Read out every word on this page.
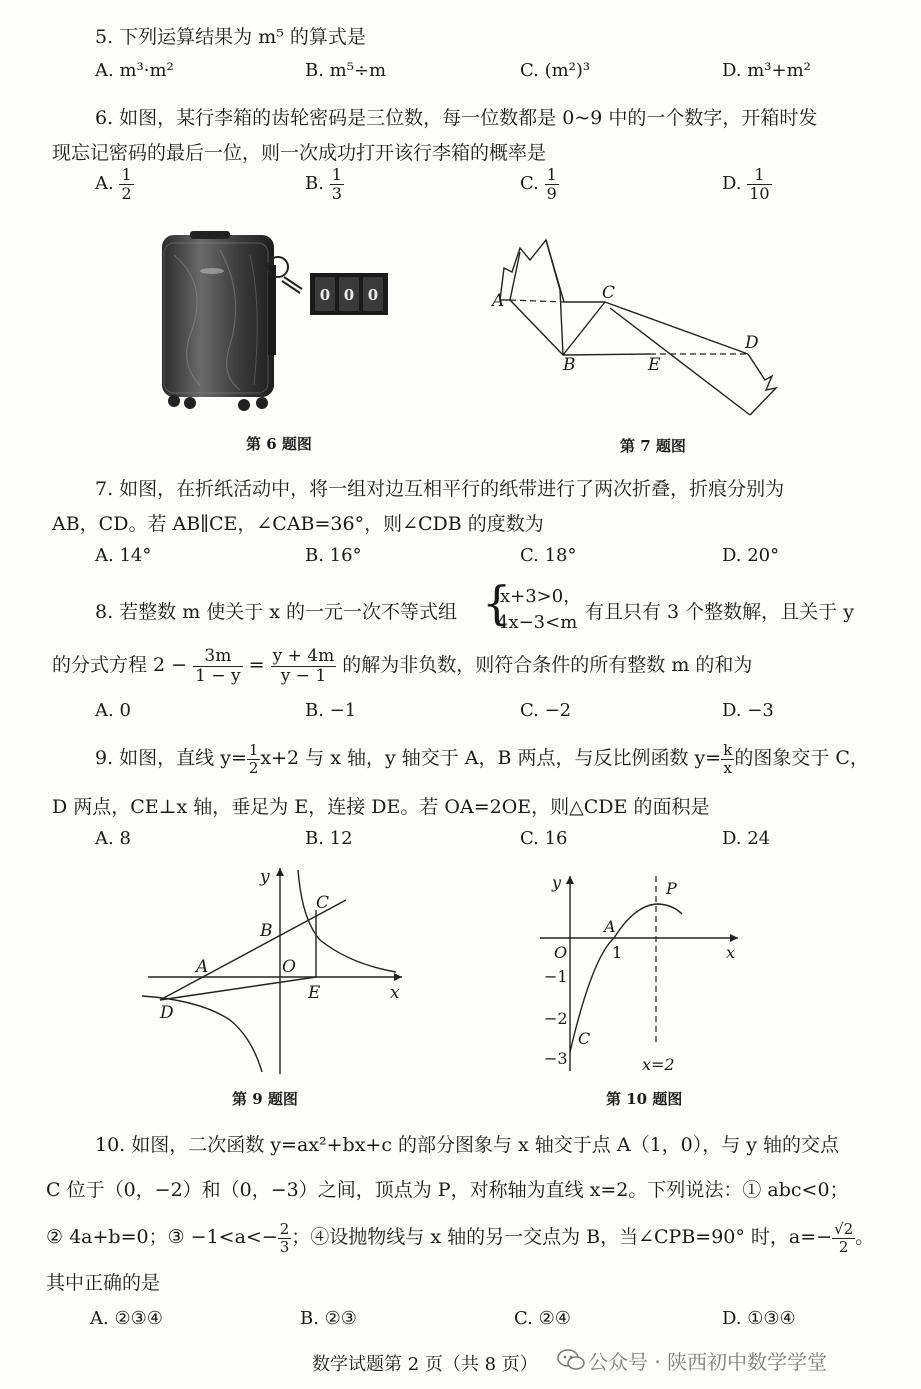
5. 下列运算结果为 m⁵ 的算式是
A. m³·m²	B. m⁵÷m	C. (m²)³	D. m³+m²
6. 如图，某行李箱的齿轮密码是三位数，每一位数都是 0~9 中的一个数字，开箱时发
现忘记密码的最后一位，则一次成功打开该行李箱的概率是
A. $\frac{1}{2}$	B. $\frac{1}{3}$	C. $\frac{1}{9}$	D. $\frac{1}{10}$
0 0 0
第 6 题图
A
B
C
D
E
第 7 题图
7. 如图，在折纸活动中，将一组对边互相平行的纸带进行了两次折叠，折痕分别为
AB，CD。若 AB∥CE，∠CAB=36°，则∠CDB 的度数为
A. 14°	B. 16°	C. 18°	D. 20°
8. 若整数 m 使关于 x 的一元一次不等式组 {
x+3>0，
4x−3<m 有且只有 3 个整数解，且关于 y
的分式方程 $2 - \frac{3m}{1 - y} = \frac{y + 4m}{y - 1}$ 的解为非负数，则符合条件的所有整数 m 的和为
A. 0	B. −1	C. −2	D. −3
9. 如图，直线 $y= \frac{1}{2} x+2$ 与 x 轴，y 轴交于 A，B 两点，与反比例函数 $y= \frac{k}{x}$ 的图象交于 C，
D 两点，CE⊥x 轴，垂足为 E，连接 DE。若 OA=2OE，则△CDE 的面积是
A. 8	B. 12	C. 16	D. 24
y
x
O
A
B
C
D
E
第 9 题图
y
x
O
A
1
P
−1
−2
−3
C
x=2
第 10 题图
10. 如图，二次函数 y=ax²+bx+c 的部分图象与 x 轴交于点 A（1，0），与 y 轴的交点
C 位于（0，−2）和（0，−3）之间，顶点为 P，对称轴为直线 x=2。下列说法：① abc<0；
② 4a+b=0；③ $-1<a<- \frac{2}{3}$ ；④设抛物线与 x 轴的另一交点为 B，当∠CPB=90° 时，$a=- \frac{√2}{2}$ 。
其中正确的是
A. ②③④	B. ②③	C. ②④	D. ①③④
数学试题第 2 页（共 8 页）	公众号 · 陕西初中数学学堂
